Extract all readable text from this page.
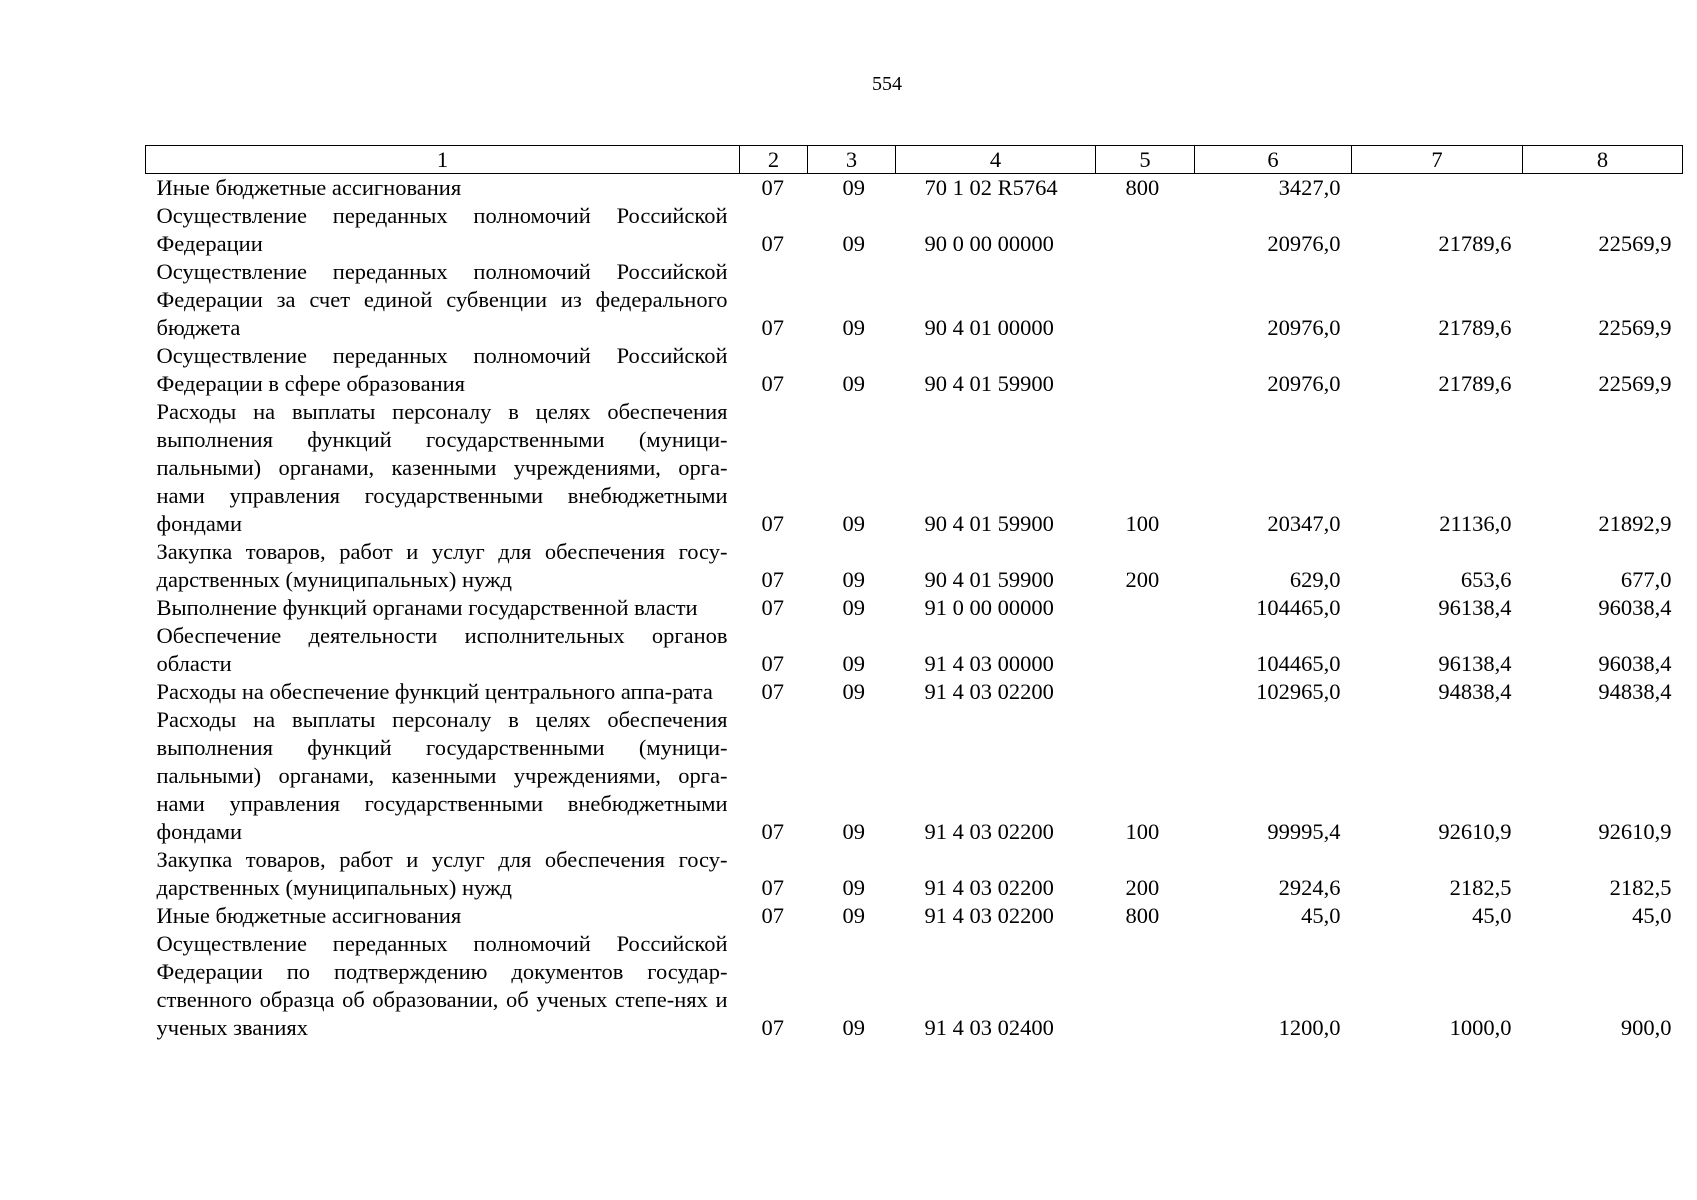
554
1	2	3	4	5	6	7	8
Иные бюджетные ассигнования	07	09	70 1 02 R5764	800	3427,0		
Осуществление переданных полномочий Российской Федерации	07	09	90 0 00 00000		20976,0	21789,6	22569,9
Осуществление переданных полномочий Российской Федерации за счет единой субвенции из федерального бюджета	07	09	90 4 01 00000		20976,0	21789,6	22569,9
Осуществление переданных полномочий Российской Федерации в сфере образования	07	09	90 4 01 59900		20976,0	21789,6	22569,9
Расходы на выплаты персоналу в целях обеспечения выполнения функций государственными (муници-пальными) органами, казенными учреждениями, орга-нами управления государственными внебюджетными фондами	07	09	90 4 01 59900	100	20347,0	21136,0	21892,9
Закупка товаров, работ и услуг для обеспечения госу-дарственных (муниципальных) нужд	07	09	90 4 01 59900	200	629,0	653,6	677,0
Выполнение функций органами государственной власти	07	09	91 0 00 00000		104465,0	96138,4	96038,4
Обеспечение деятельности исполнительных органов области	07	09	91 4 03 00000		104465,0	96138,4	96038,4
Расходы на обеспечение функций центрального аппа-рата	07	09	91 4 03 02200		102965,0	94838,4	94838,4
Расходы на выплаты персоналу в целях обеспечения выполнения функций государственными (муници-пальными) органами, казенными учреждениями, орга-нами управления государственными внебюджетными фондами	07	09	91 4 03 02200	100	99995,4	92610,9	92610,9
Закупка товаров, работ и услуг для обеспечения госу-дарственных (муниципальных) нужд	07	09	91 4 03 02200	200	2924,6	2182,5	2182,5
Иные бюджетные ассигнования	07	09	91 4 03 02200	800	45,0	45,0	45,0
Осуществление переданных полномочий Российской Федерации по подтверждению документов государ-ственного образца об образовании, об ученых степе-нях и ученых званиях	07	09	91 4 03 02400		1200,0	1000,0	900,0
